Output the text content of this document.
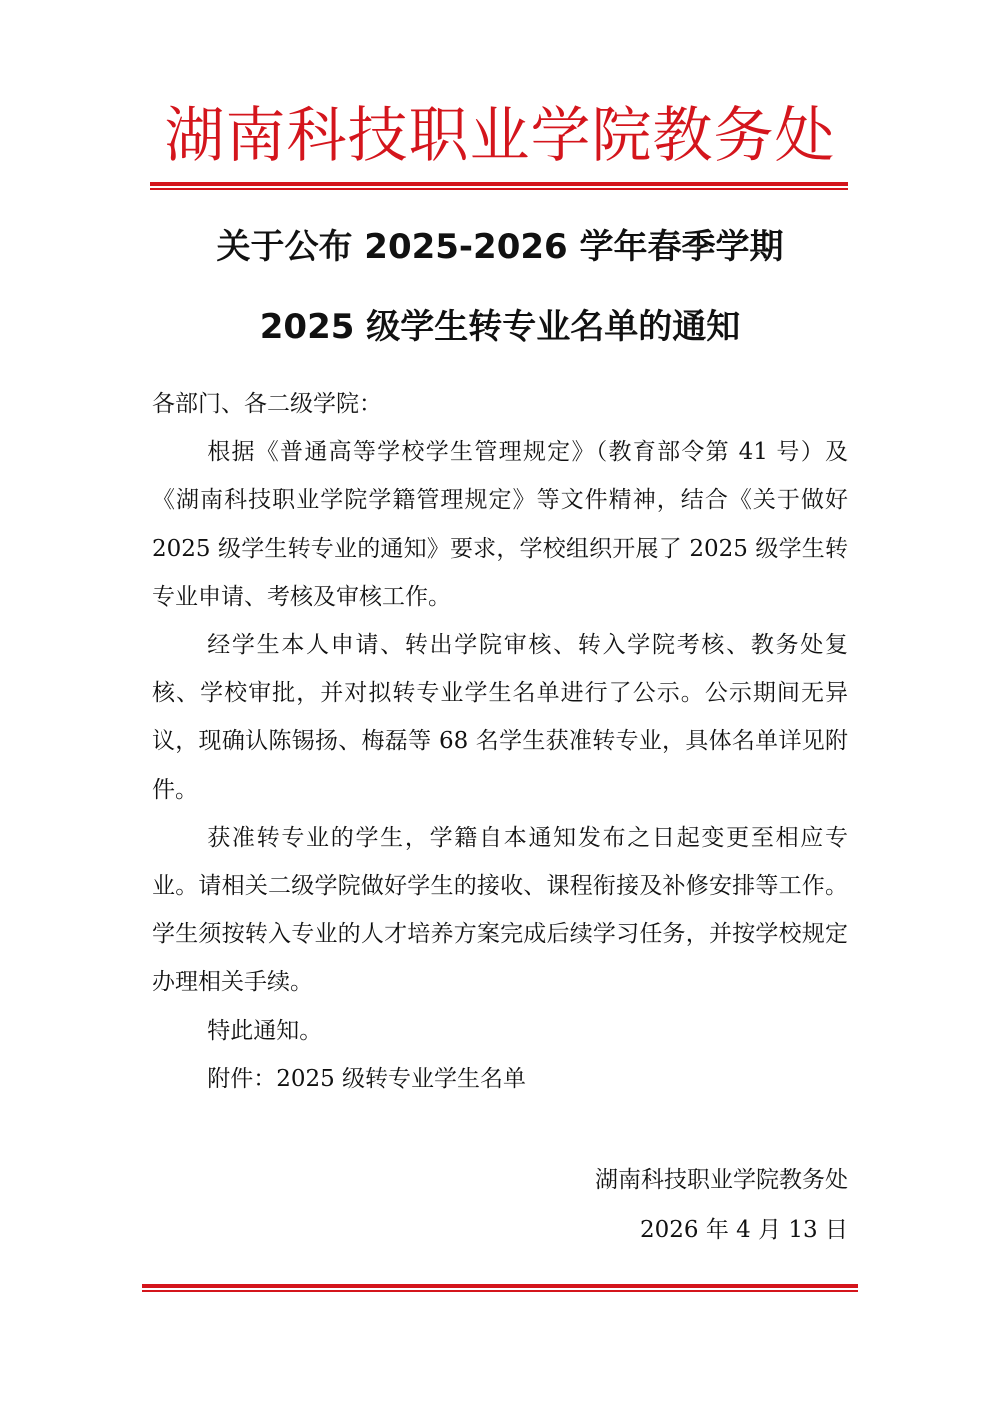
湖南科技职业学院教务处
关于公布 2025-2026 学年春季学期
2025 级学生转专业名单的通知

各部门、各二级学院：

根据《普通高等学校学生管理规定》（教育部令第 41 号）及《湖南科技职业学院学籍管理规定》等文件精神，结合《关于做好 2025 级学生转专业的通知》要求，学校组织开展了 2025 级学生转专业申请、考核及审核工作。

经学生本人申请、转出学院审核、转入学院考核、教务处复核、学校审批，并对拟转专业学生名单进行了公示。公示期间无异议，现确认陈锡扬、梅磊等 68 名学生获准转专业，具体名单详见附件。

获准转专业的学生，学籍自本通知发布之日起变更至相应专业。请相关二级学院做好学生的接收、课程衔接及补修安排等工作。学生须按转入专业的人才培养方案完成后续学习任务，并按学校规定办理相关手续。

特此通知。

附件：2025 级转专业学生名单

湖南科技职业学院教务处
2026 年 4 月 13 日
